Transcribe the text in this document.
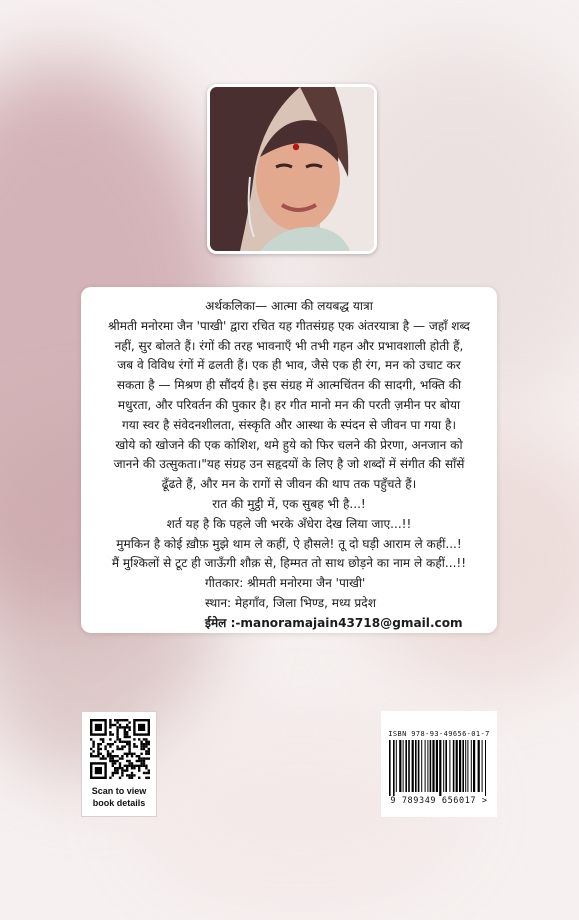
अर्थकलिका— आत्मा की लयबद्ध यात्रा
श्रीमती मनोरमा जैन 'पाखी' द्वारा रचित यह गीतसंग्रह एक अंतरयात्रा है — जहाँ शब्द
नहीं, सुर बोलते हैं। रंगों की तरह भावनाएँ भी तभी गहन और प्रभावशाली होती हैं,
जब वे विविध रंगों में ढलती हैं। एक ही भाव, जैसे एक ही रंग, मन को उचाट कर
सकता है — मिश्रण ही सौंदर्य है। इस संग्रह में आत्मचिंतन की सादगी, भक्ति की
मधुरता, और परिवर्तन की पुकार है। हर गीत मानो मन की परती ज़मीन पर बोया
गया स्वर है संवेदनशीलता, संस्कृति और आस्था के स्पंदन से जीवन पा गया है।
खोये को खोजने की एक कोशिश, थमे हुये को फिर चलने की प्रेरणा, अनजान को
जानने की उत्सुकता।"यह संग्रह उन सहृदयों के लिए है जो शब्दों में संगीत की साँसें
ढूँढते हैं, और मन के रागों से जीवन की थाप तक पहुँचते हैं।
रात की मुट्ठी में, एक सुबह भी है...!
शर्त यह है कि पहले जी भरके अँधेरा देख लिया जाए...!!
मुमकिन है कोई ख़ौफ़ मुझे थाम ले कहीं, ऐ हौसले! तू दो घड़ी आराम ले कहीं...!
मैं मुश्किलों से टूट ही जाऊँगी शौक़ से, हिम्मत तो साथ छोड़ने का नाम ले कहीं...!!
गीतकार: श्रीमती मनोरमा जैन 'पाखी'
स्थान: मेहगाँव, जिला भिण्ड, मध्य प्रदेश
ईमेल :-manoramajain43718@gmail.com
Scan to view
book details
ISBN 978-93-49656-01-7
9 789349 656017 >
